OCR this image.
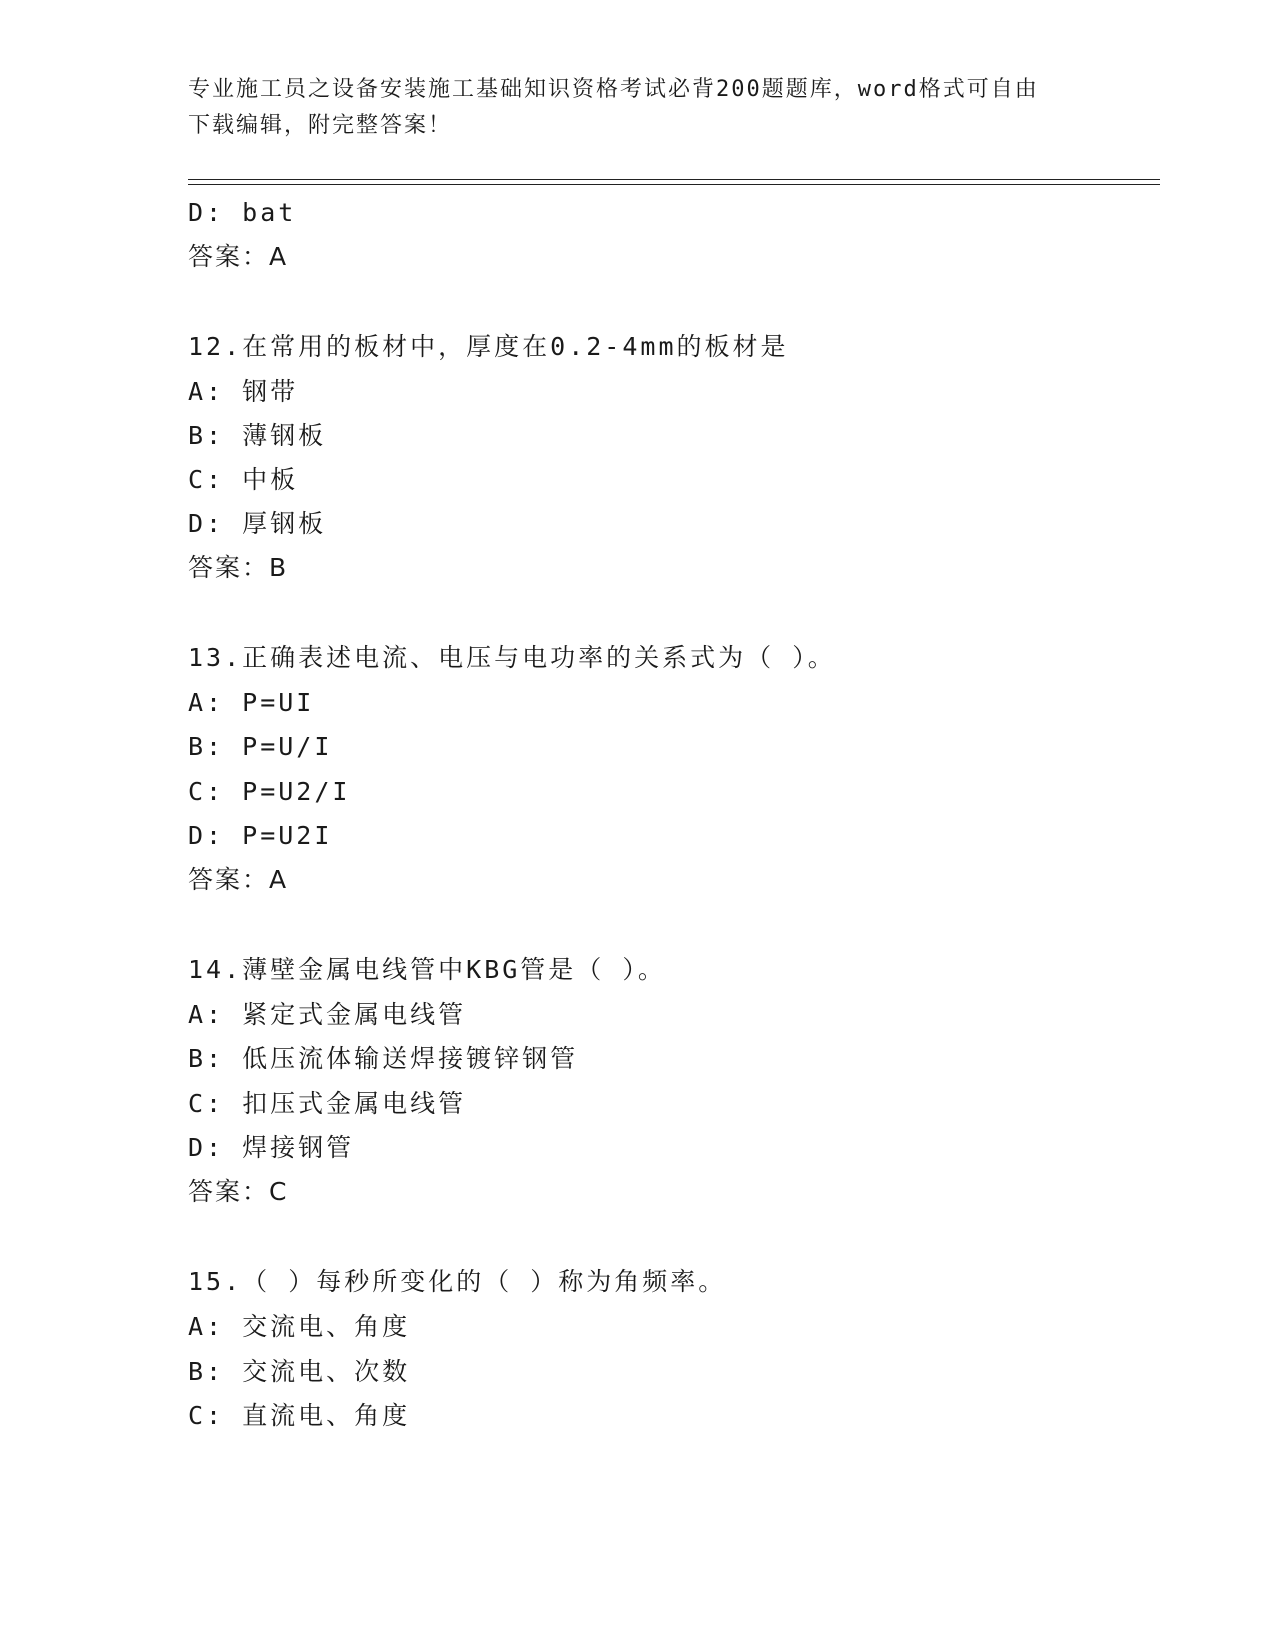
专业施工员之设备安装施工基础知识资格考试必背200题题库，word格式可自由
下载编辑，附完整答案！
D: bat
答案：A
12.在常用的板材中，厚度在0.2-4mm的板材是
A: 钢带
B: 薄钢板
C: 中板
D: 厚钢板
答案：B
13.正确表述电流、电压与电功率的关系式为（ ）。
A: P=UI
B: P=U/I
C: P=U2/I
D: P=U2I
答案：A
14.薄壁金属电线管中KBG管是（ ）。
A: 紧定式金属电线管
B: 低压流体输送焊接镀锌钢管
C: 扣压式金属电线管
D: 焊接钢管
答案：C
15.（ ）每秒所变化的（ ）称为角频率。
A: 交流电、角度
B: 交流电、次数
C: 直流电、角度
